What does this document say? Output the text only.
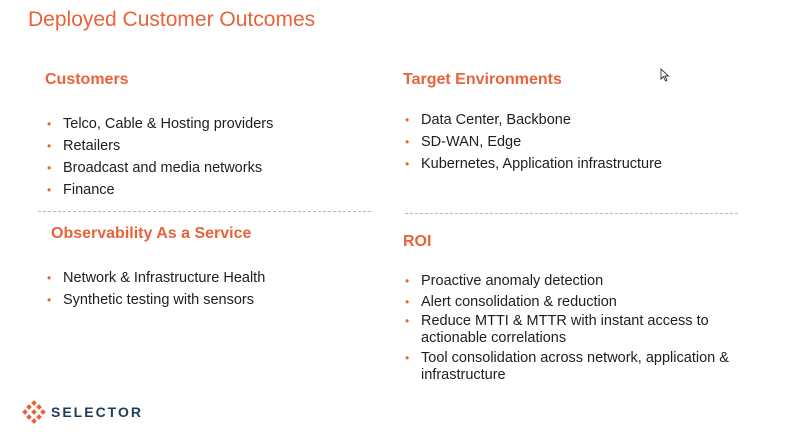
Deployed Customer Outcomes
Customers
• Telco, Cable & Hosting providers
• Retailers
• Broadcast and media networks
• Finance
Target Environments
• Data Center, Backbone
• SD-WAN, Edge
• Kubernetes, Application infrastructure
Observability As a Service
• Network & Infrastructure Health
• Synthetic testing with sensors
ROI
• Proactive anomaly detection
• Alert consolidation & reduction
• Reduce MTTI & MTTR with instant access to actionable correlations
• Tool consolidation across network, application & infrastructure
SELECTOR
